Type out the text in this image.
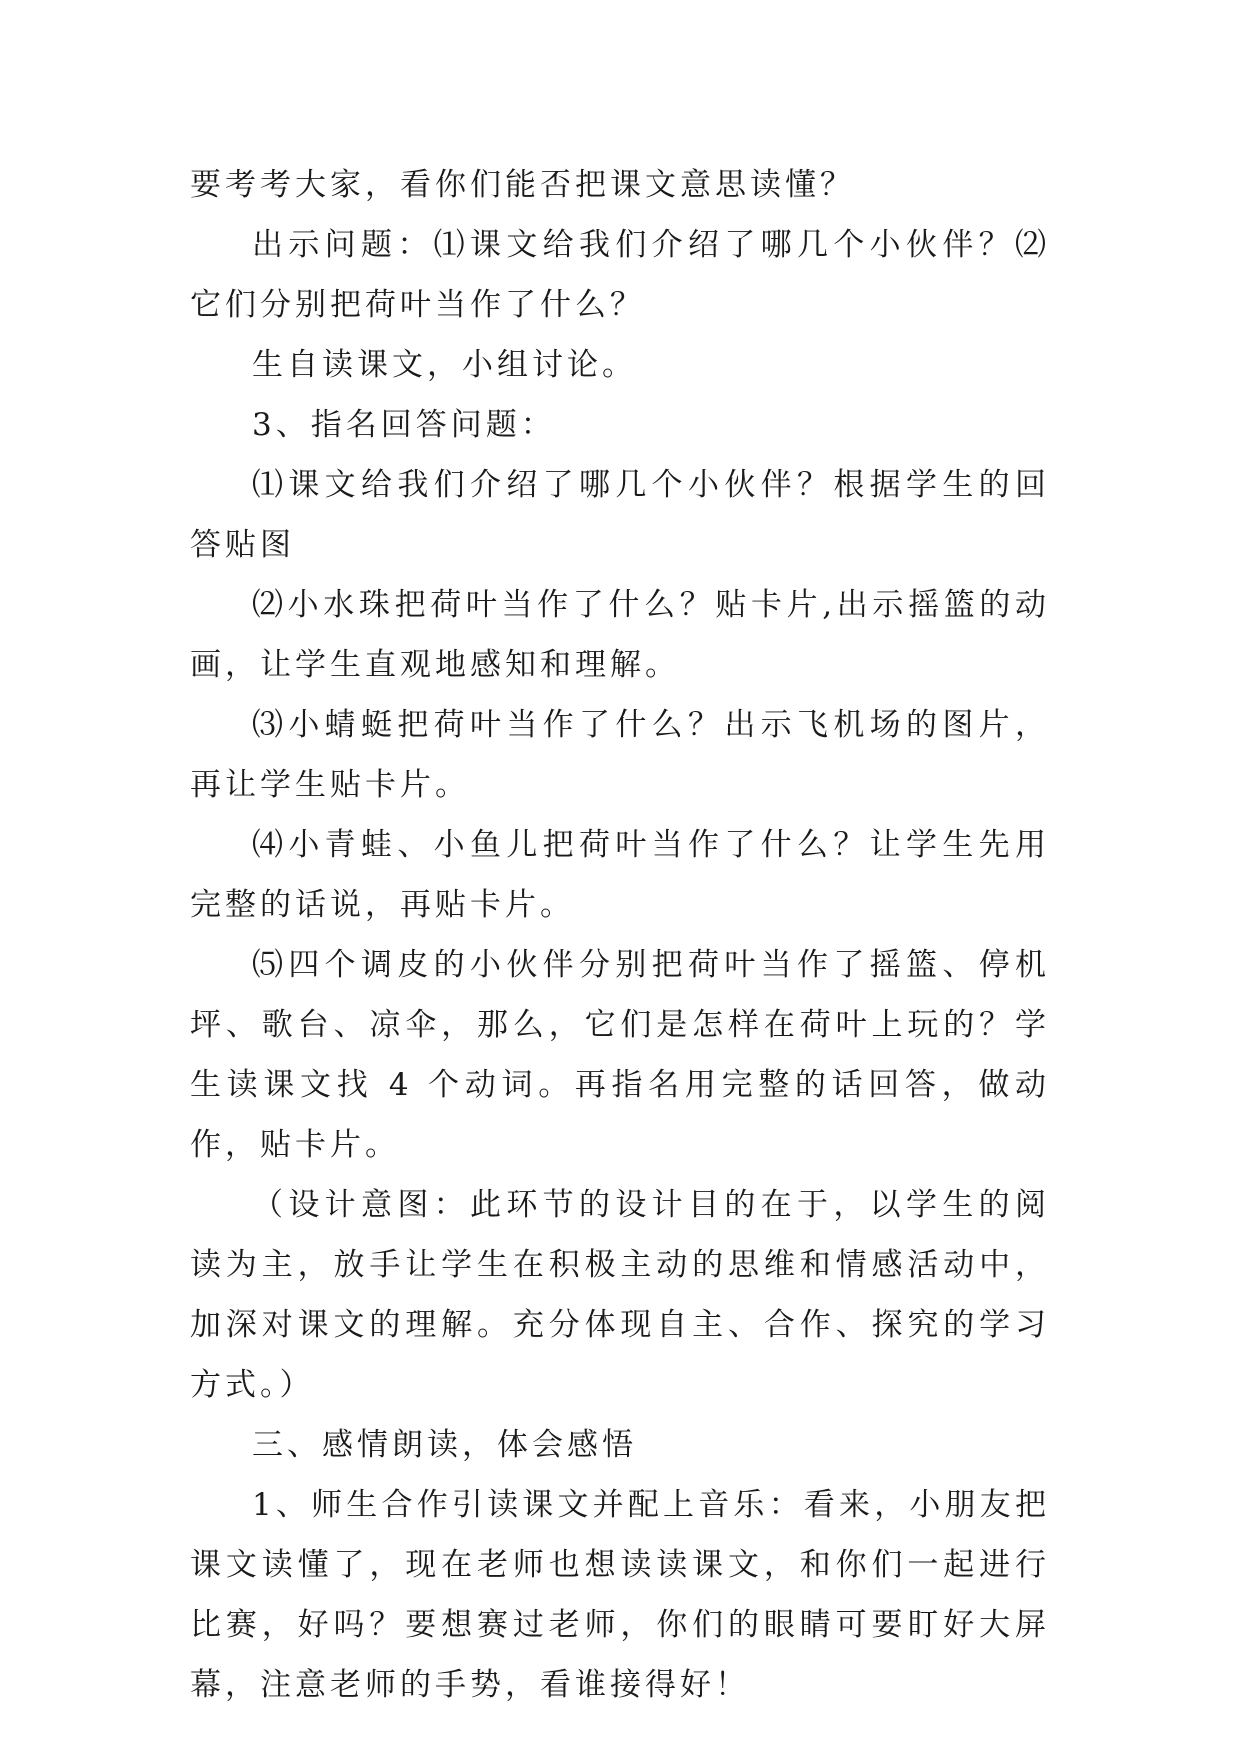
要考考大家，看你们能否把课文意思读懂？

出示问题：⑴课文给我们介绍了哪几个小伙伴？⑵它们分别把荷叶当作了什么？

生自读课文，小组讨论。

3、指名回答问题：

⑴课文给我们介绍了哪几个小伙伴？根据学生的回答贴图

⑵小水珠把荷叶当作了什么？贴卡片,出示摇篮的动画，让学生直观地感知和理解。

⑶小蜻蜓把荷叶当作了什么？出示飞机场的图片，再让学生贴卡片。

⑷小青蛙、小鱼儿把荷叶当作了什么？让学生先用完整的话说，再贴卡片。

⑸四个调皮的小伙伴分别把荷叶当作了摇篮、停机坪、歌台、凉伞，那么，它们是怎样在荷叶上玩的？学生读课文找 4 个动词。再指名用完整的话回答，做动作，贴卡片。

（设计意图：此环节的设计目的在于，以学生的阅读为主，放手让学生在积极主动的思维和情感活动中，加深对课文的理解。充分体现自主、合作、探究的学习方式。）

三、感情朗读，体会感悟

1、师生合作引读课文并配上音乐：看来，小朋友把课文读懂了，现在老师也想读读课文，和你们一起进行比赛，好吗？要想赛过老师，你们的眼睛可要盯好大屏幕，注意老师的手势，看谁接得好！
